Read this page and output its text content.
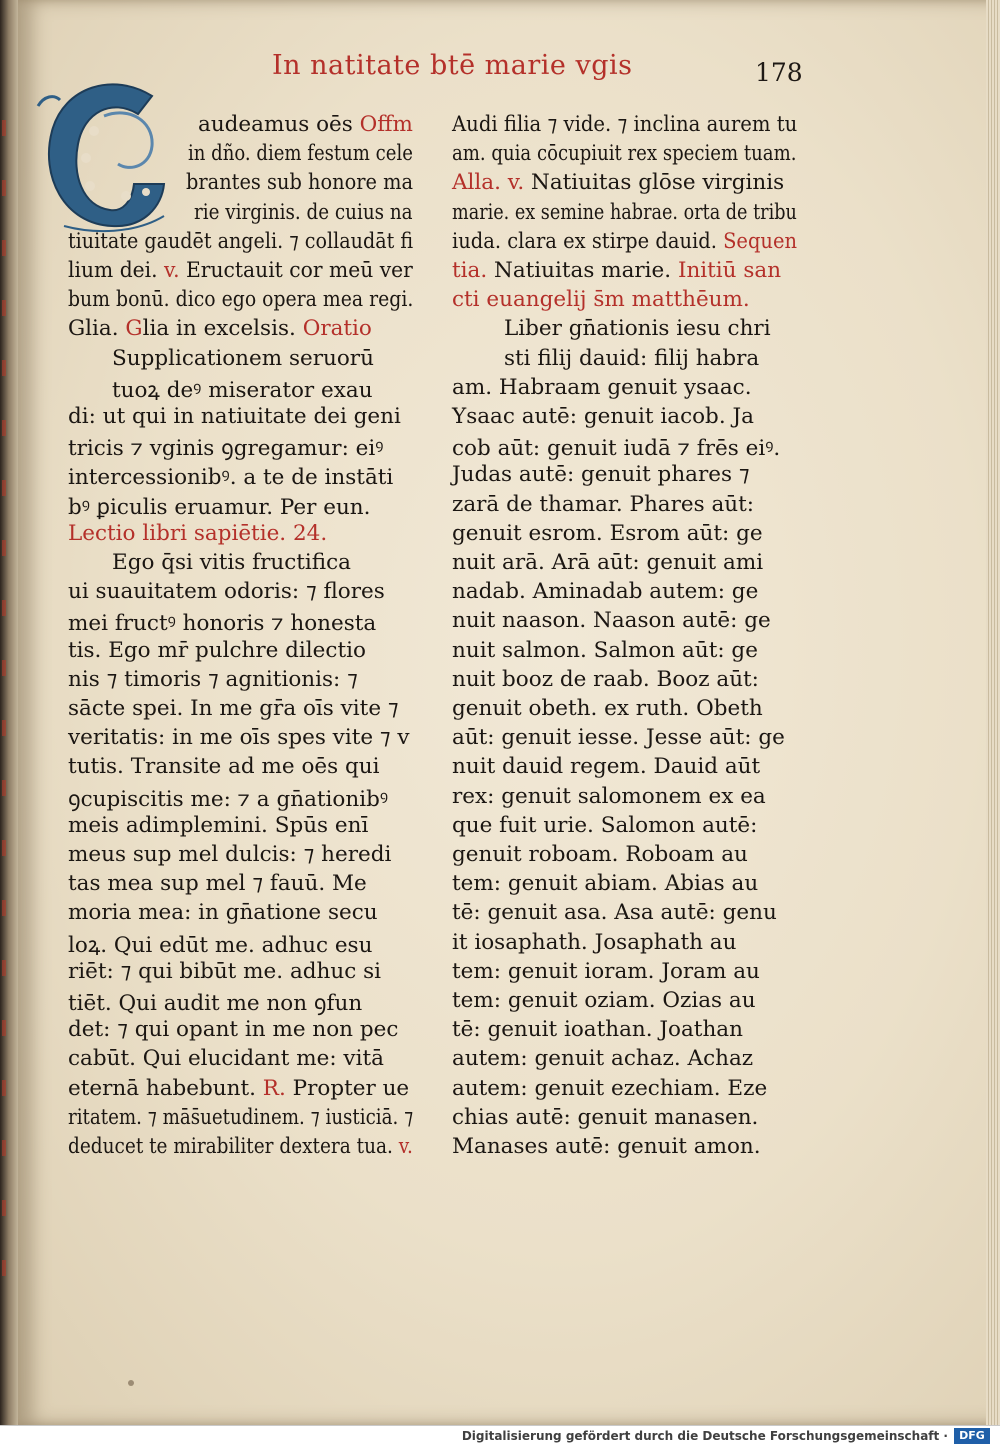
In natitate btē marie vgis	178
audeamus oēs Offm
in dño. diem festum cele
brantes sub honore ma
rie virginis. de cuius na
tiuitate gaudēt angeli. ⁊ collaudāt fi
lium dei. v. Eructauit cor meū ver
bum bonū. dico ego opera mea regi.
Glia. Glia in excelsis. Oratio
Supplicationem seruorū
tuoꝝ deꝰ miserator exau
di: ut qui in natiuitate dei geni
tricis ⁊ vginis ꝯgregamur: eiꝰ
intercessionibꝰ. a te de instāti
bꝰ ꝑiculis eruamur. Per eun.
Lectio libri sapiētie. 24.
Ego q̄si vitis fructifica
ui suauitatem odoris: ⁊ flores
mei fructꝰ honoris ⁊ honesta
tis. Ego mr̄ pulchre dilectio
nis ⁊ timoris ⁊ agnitionis: ⁊
sācte spei. In me gr̄a oīs vite ⁊
veritatis: in me oīs spes vite ⁊ v
tutis. Transite ad me oēs qui
ꝯcupiscitis me: ⁊ a gn̄ationibꝰ
meis adimplemini. Spūs enī
meus sup mel dulcis: ⁊ heredi
tas mea sup mel ⁊ fauū. Me
moria mea: in gn̄atione secu
loꝝ. Qui edūt me. adhuc esu
riēt: ⁊ qui bibūt me. adhuc si
tiēt. Qui audit me non ꝯfun
det: ⁊ qui opant in me non pec
cabūt. Qui elucidant me: vitā
eternā habebunt. R. Propter ue
ritatem. ⁊ mās̄uetudinem. ⁊ iusticiā. ⁊
deducet te mirabiliter dextera tua. v.
Audi filia ⁊ vide. ⁊ inclina aurem tu
am. quia cōcupiuit rex speciem tuam.
Alla. v. Natiuitas glōse virginis
marie. ex semine habrae. orta de tribu
iuda. clara ex stirpe dauid. Sequen
tia. Natiuitas marie. Initiū san
cti euangelij s̄m matthēum.
Liber gn̄ationis iesu chri
sti filij dauid: filij habra
am. Habraam genuit ysaac.
Ysaac autē: genuit iacob. Ja
cob aūt: genuit iudā ⁊ frēs eiꝰ.
Judas autē: genuit phares ⁊
zarā de thamar. Phares aūt:
genuit esrom. Esrom aūt: ge
nuit arā. Arā aūt: genuit ami
nadab. Aminadab autem: ge
nuit naason. Naason autē: ge
nuit salmon. Salmon aūt: ge
nuit booz de raab. Booz aūt:
genuit obeth. ex ruth. Obeth
aūt: genuit iesse. Jesse aūt: ge
nuit dauid regem. Dauid aūt
rex: genuit salomonem ex ea
que fuit urie. Salomon autē:
genuit roboam. Roboam au
tem: genuit abiam. Abias au
tē: genuit asa. Asa autē: genu
it iosaphath. Josaphath au
tem: genuit ioram. Joram au
tem: genuit oziam. Ozias au
tē: genuit ioathan. Joathan
autem: genuit achaz. Achaz
autem: genuit ezechiam. Eze
chias autē: genuit manasen.
Manases autē: genuit amon.
Digitalisierung gefördert durch die Deutsche Forschungsgemeinschaft ·	DFG
